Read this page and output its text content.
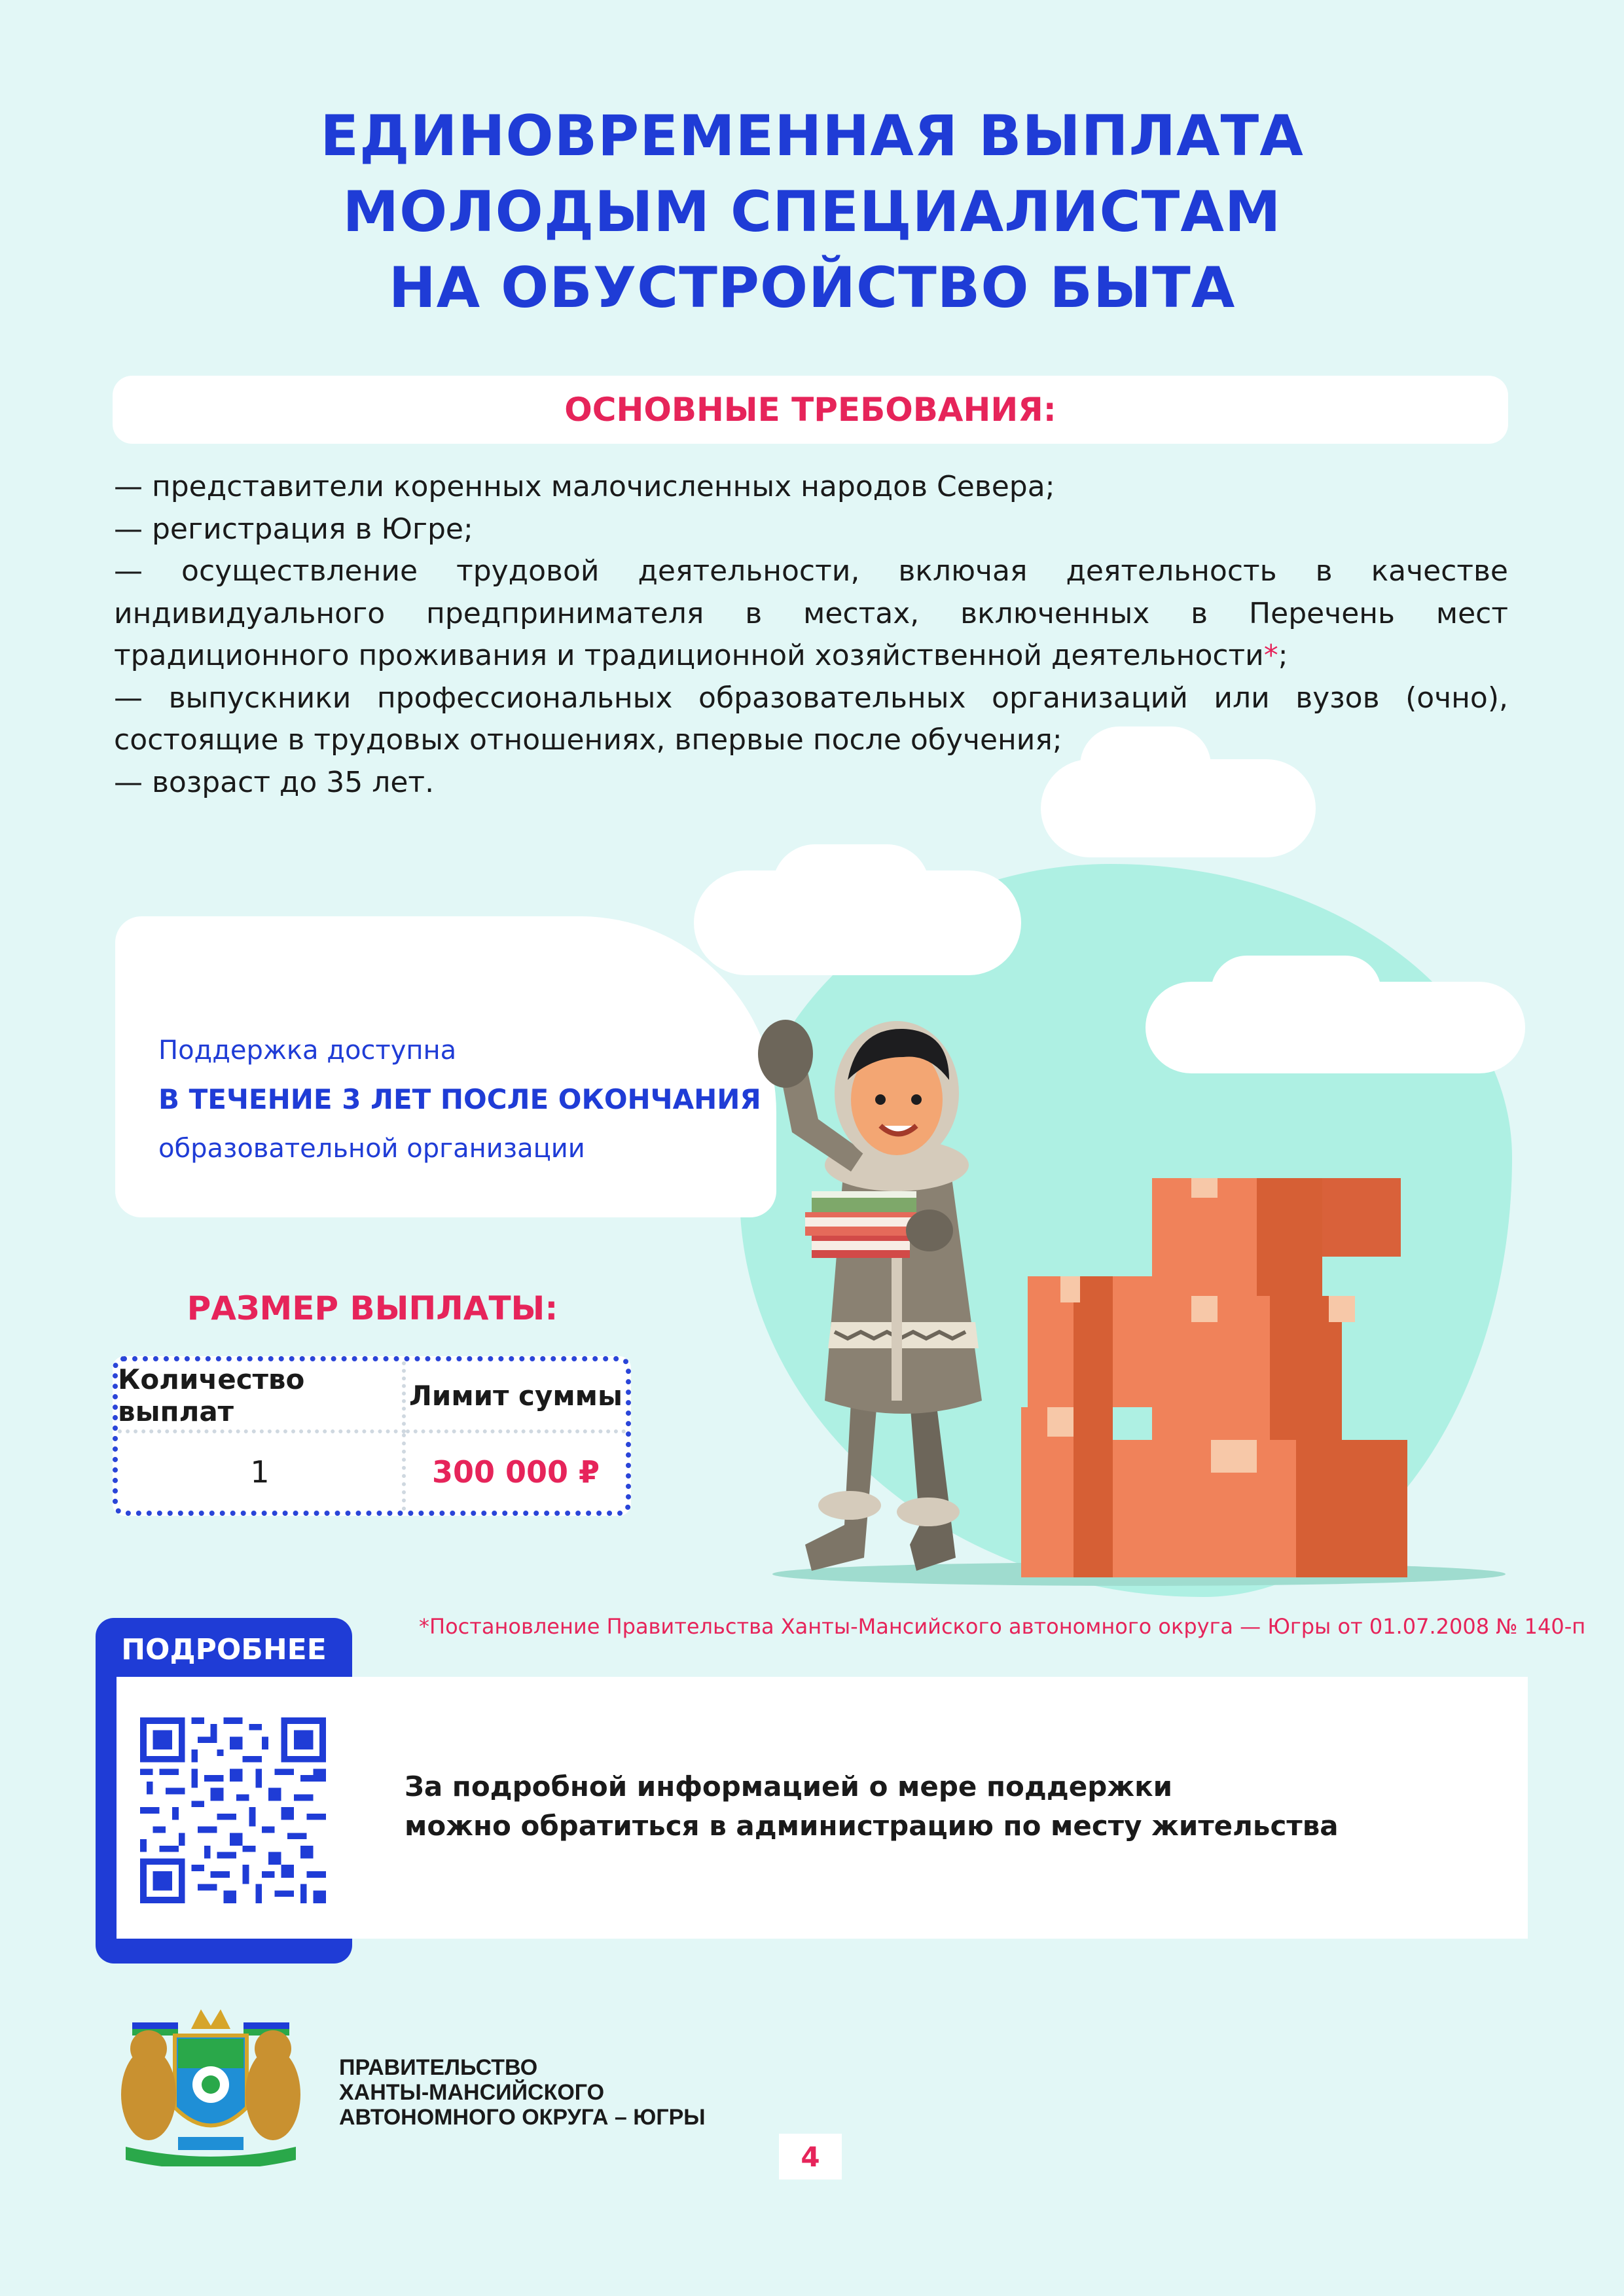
ЕДИНОВРЕМЕННАЯ ВЫПЛАТА
МОЛОДЫМ СПЕЦИАЛИСТАМ
НА ОБУСТРОЙСТВО БЫТА
ОСНОВНЫЕ ТРЕБОВАНИЯ:

— представители коренных малочисленных народов Севера;

— регистрация в Югре;

— осуществление трудовой деятельности, включая деятельность в качестве индивидуального предпринимателя в местах, включенных в Перечень мест традиционного проживания и традиционной хозяйственной деятельности*;

— выпускники профессиональных образовательных организаций или вузов (очно), состоящие в трудовых отношениях, впервые после обучения;

— возраст до 35 лет.

Поддержка доступна
В ТЕЧЕНИЕ 3 ЛЕТ ПОСЛЕ ОКОНЧАНИЯ
образовательной организации
РАЗМЕР ВЫПЛАТЫ:
Количество выплат	Лимит суммы
1	300 000 ₽
*Постановление Правительства Ханты-Мансийского автономного округа — Югры от 01.07.2008 № 140-п
ПОДРОБНЕЕ
За подробной информацией о мере поддержки
можно обратиться в администрацию по месту жительства
ПРАВИТЕЛЬСТВО
ХАНТЫ-МАНСИЙСКОГО
АВТОНОМНОГО ОКРУГА – ЮГРЫ
4
